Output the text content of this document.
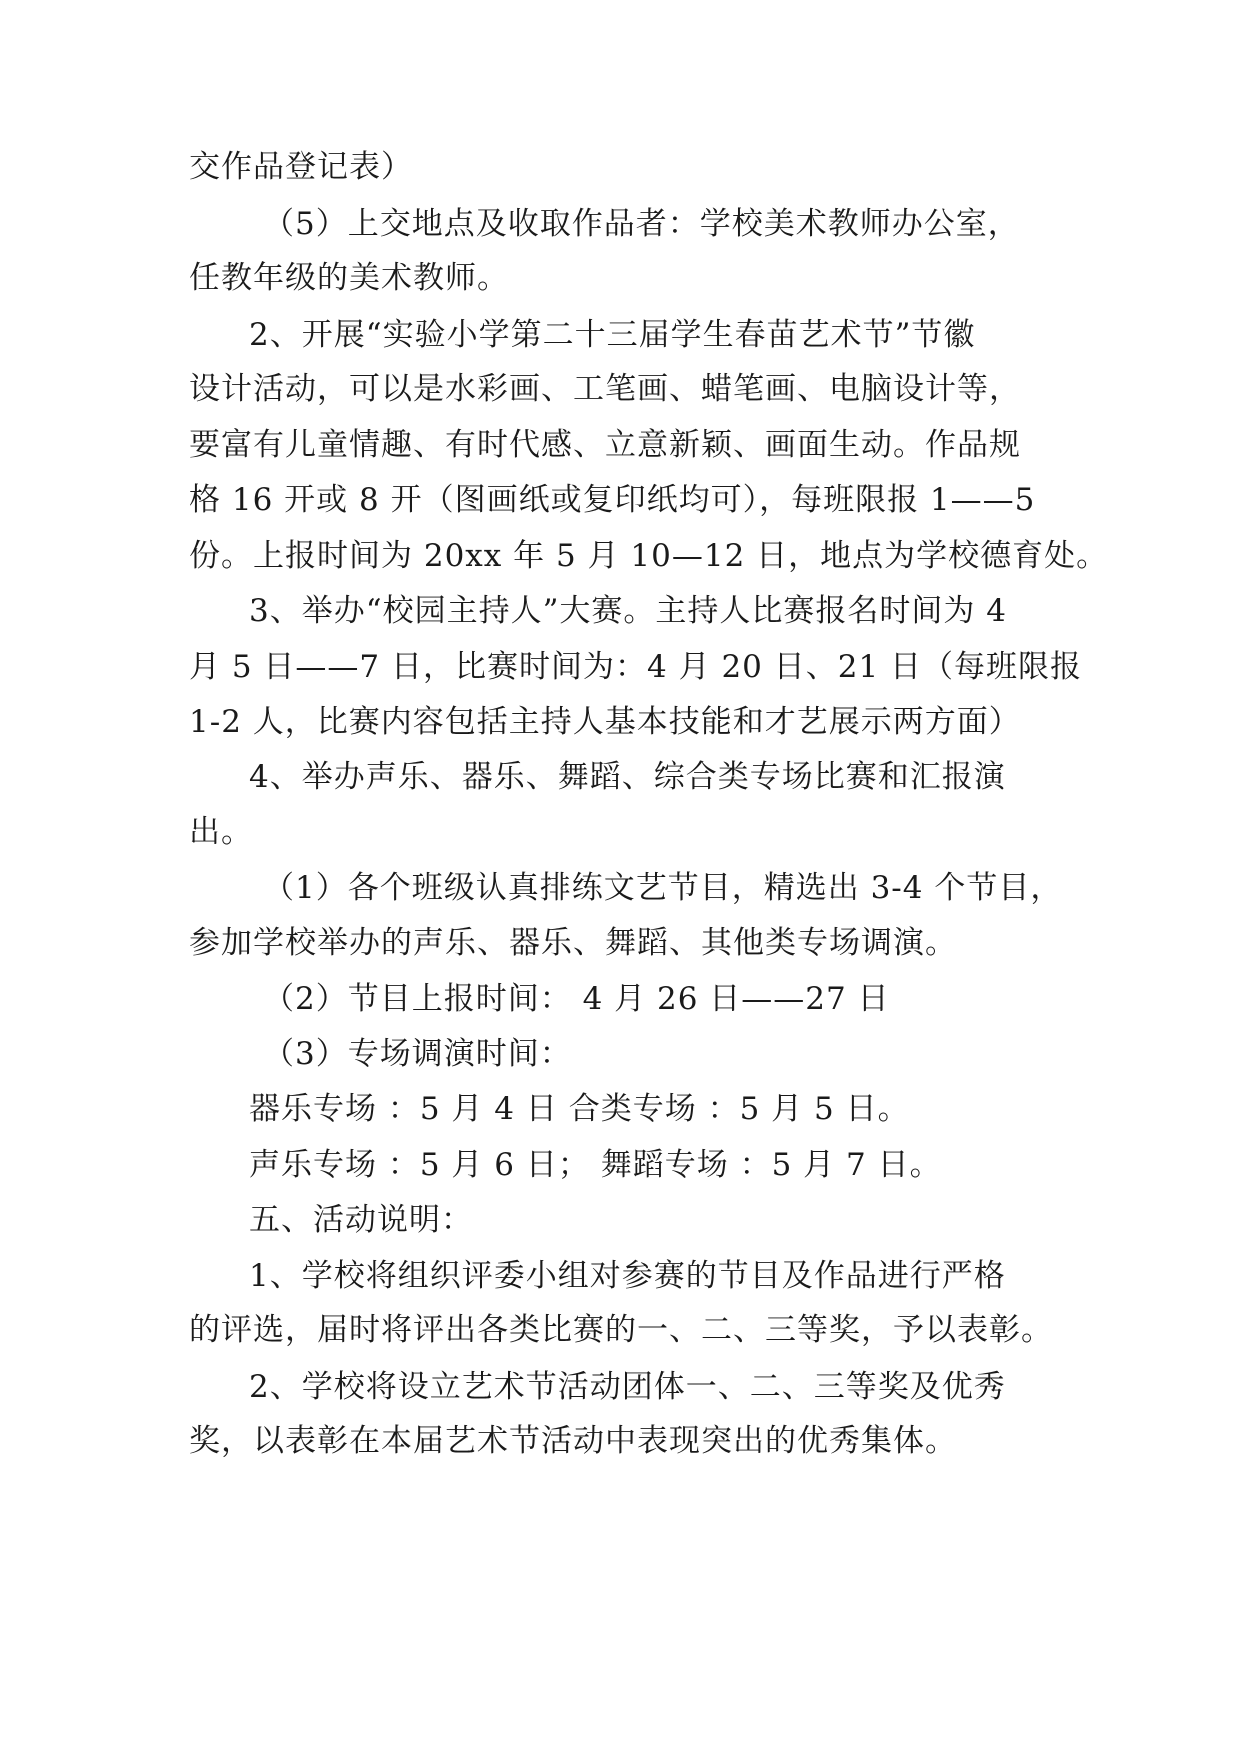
交作品登记表）
（5）上交地点及收取作品者：学校美术教师办公室，
任教年级的美术教师。
2、开展“实验小学第二十三届学生春苗艺术节”节徽
设计活动，可以是水彩画、工笔画、蜡笔画、电脑设计等，
要富有儿童情趣、有时代感、立意新颖、画面生动。作品规
格 16 开或 8 开（图画纸或复印纸均可），每班限报 1——5
份。上报时间为 20xx 年 5 月 10—12 日，地点为学校德育处。
3、举办“校园主持人”大赛。主持人比赛报名时间为 4
月 5 日——7 日，比赛时间为：4 月 20 日、21 日（每班限报
1-2 人，比赛内容包括主持人基本技能和才艺展示两方面）
4、举办声乐、器乐、舞蹈、综合类专场比赛和汇报演
出。
（1）各个班级认真排练文艺节目，精选出 3-4 个节目，
参加学校举办的声乐、器乐、舞蹈、其他类专场调演。
（2）节目上报时间： 4 月 26 日——27 日
（3）专场调演时间：
器乐专场 ：5 月 4 日 合类专场 ：5 月 5 日。
声乐专场 ：5 月 6 日； 舞蹈专场 ：5 月 7 日。
五、活动说明：
1、学校将组织评委小组对参赛的节目及作品进行严格
的评选，届时将评出各类比赛的一、二、三等奖，予以表彰。
2、学校将设立艺术节活动团体一、二、三等奖及优秀
奖，以表彰在本届艺术节活动中表现突出的优秀集体。
